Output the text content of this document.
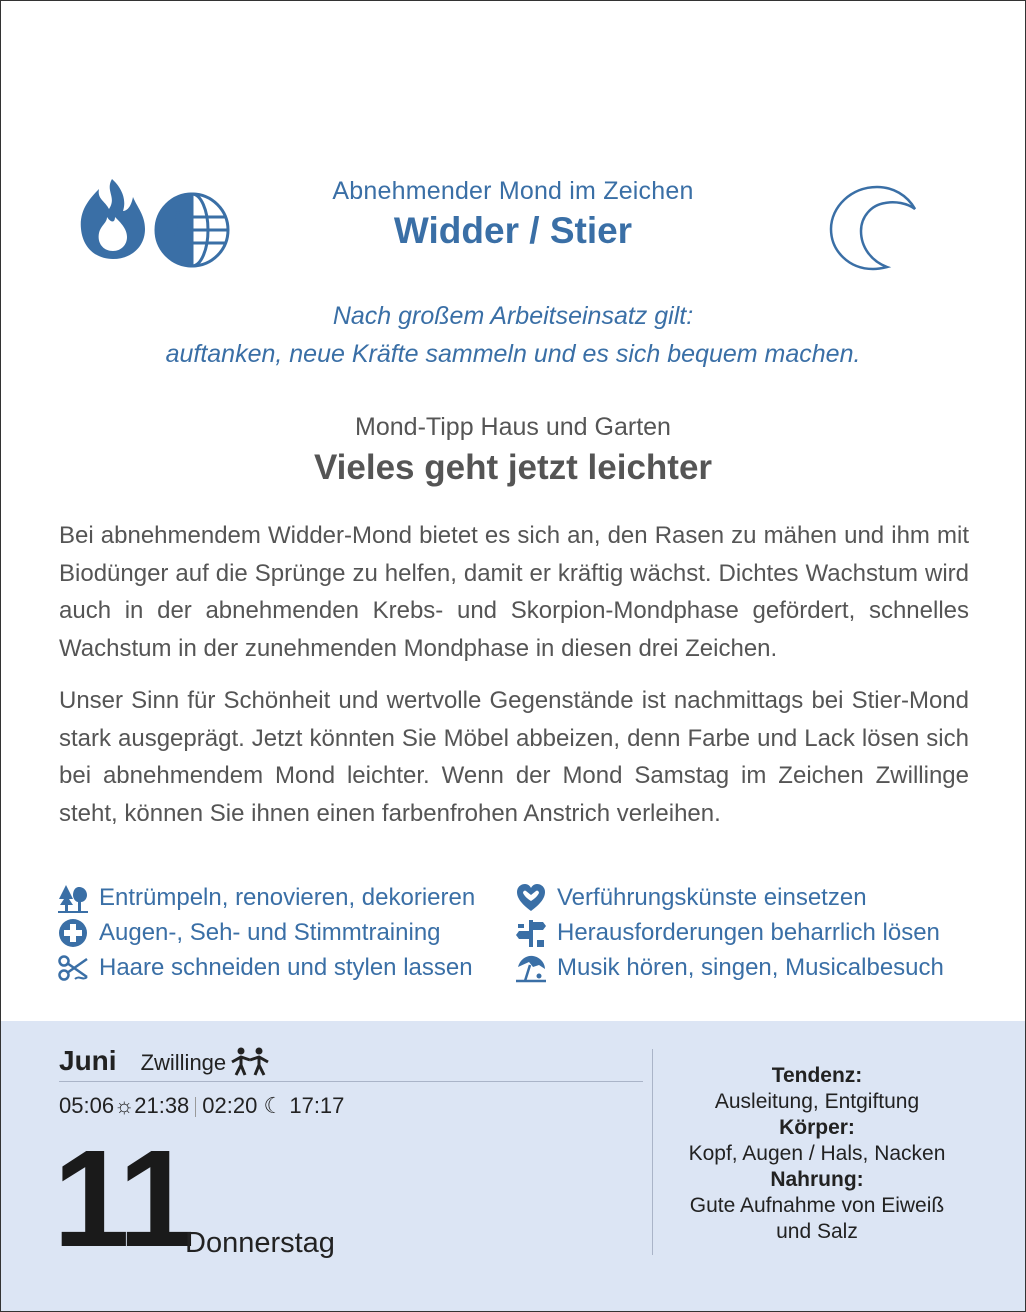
Abnehmender Mond im Zeichen
Widder / Stier
Nach großem Arbeitseinsatz gilt:
auftanken, neue Kräfte sammeln und es sich bequem machen.
Mond-Tipp Haus und Garten
Vieles geht jetzt leichter

Bei abnehmendem Widder-Mond bietet es sich an, den Rasen zu mähen und ihm mit Biodünger auf die Sprünge zu helfen, damit er kräftig wächst. Dichtes Wachstum wird auch in der abnehmenden Krebs- und Skorpion-Mondphase gefördert, schnelles Wachstum in der zunehmenden Mondphase in diesen drei Zeichen.

Unser Sinn für Schönheit und wertvolle Gegenstände ist nachmittags bei Stier-Mond stark ausgeprägt. Jetzt könnten Sie Möbel abbeizen, denn Farbe und Lack lösen sich bei abnehmendem Mond leichter. Wenn der Mond Samstag im Zeichen Zwillinge steht, können Sie ihnen einen farbenfrohen Anstrich verleihen.

Entrümpeln, renovieren, dekorieren
Augen-, Seh- und Stimmtraining
Haare schneiden und stylen lassen
Verführungskünste einsetzen
Herausforderungen beharrlich lösen
Musik hören, singen, Musicalbesuch
Juni Zwillinge
05:06☼21:38 02:20 ☾ 17:17
11
Donnerstag
Tendenz:
Ausleitung, Entgiftung
Körper:
Kopf, Augen / Hals, Nacken
Nahrung:
Gute Aufnahme von Eiweiß
und Salz
